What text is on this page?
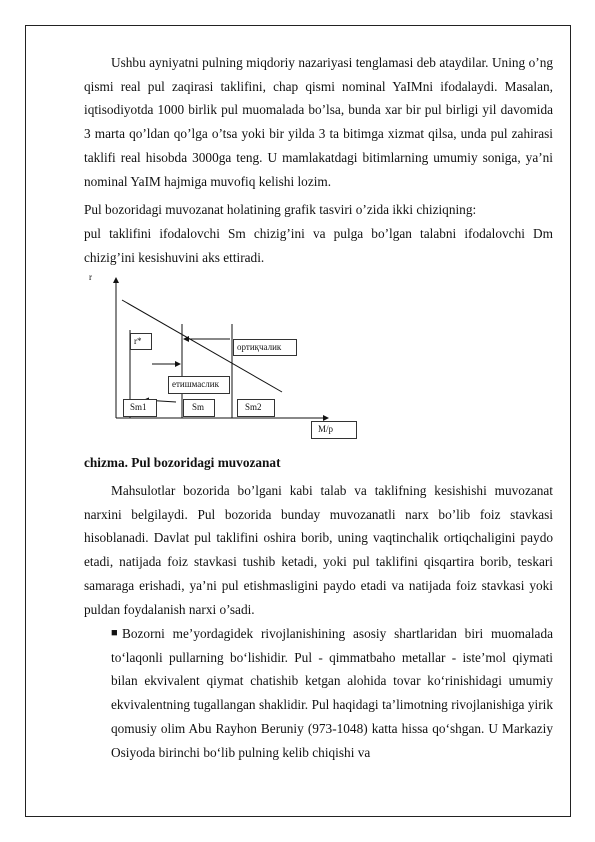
Ushbu ayniyatni pulning miqdoriy nazariyasi tenglamasi deb ataydilar. Uning o’ng qismi real pul zaqirasi taklifini, chap qismi nominal YaIMni ifodalaydi. Masalan, iqtisodiyotda 1000 birlik pul muomalada bo’lsa, bunda xar bir pul birligi yil davomida 3 marta qo’ldan qo’lga o’tsa yoki bir yilda 3 ta bitimga xizmat qilsa, unda pul zahirasi taklifi real hisobda 3000ga teng. U mamlakatdagi bitimlarning umumiy soniga, ya’ni nominal YaIM hajmiga muvofiq kelishi lozim.

Pul bozoridagi muvozanat holatining grafik tasviri o’zida ikki chiziqning:

pul taklifini ifodalovchi Sm chizig’ini va pulga bo’lgan talabni ifodalovchi Dm chizig’ini kesishuvini aks ettiradi.

r
r*
ортиқчалик
етишмаслик
Sm1	Sm	Sm2
M/p
chizma. Pul bozoridagi muvozanat

Mahsulotlar bozorida bo’lgani kabi talab va taklifning kesishishi muvozanat narxini belgilaydi. Pul bozorida bunday muvozanatli narx bo’lib foiz stavkasi hisoblanadi. Davlat pul taklifini oshira borib, uning vaqtinchalik ortiqchaligini paydo etadi, natijada foiz stavkasi tushib ketadi, yoki pul taklifini qisqartira borib, teskari samaraga erishadi, ya’ni pul etishmasligini paydo etadi va natijada foiz stavkasi yoki puldan foydalanish narxi o’sadi.

■ Bozorni me’yordagidek rivojlanishining asosiy shartlaridan biri muomalada to‘laqonli pullarning bo‘lishidir. Pul - qimmatbaho metallar - iste’mol qiymati bilan ekvivalent qiymat chatishib ketgan alohida tovar ko‘rinishidagi umumiy ekvivalentning tugallangan shaklidir. Pul haqidagi ta’limotning rivojlanishiga yirik qomusiy olim Abu Rayhon Beruniy (973-1048) katta hissa qo‘shgan. U Markaziy Osiyoda birinchi bo‘lib pulning kelib chiqishi va
